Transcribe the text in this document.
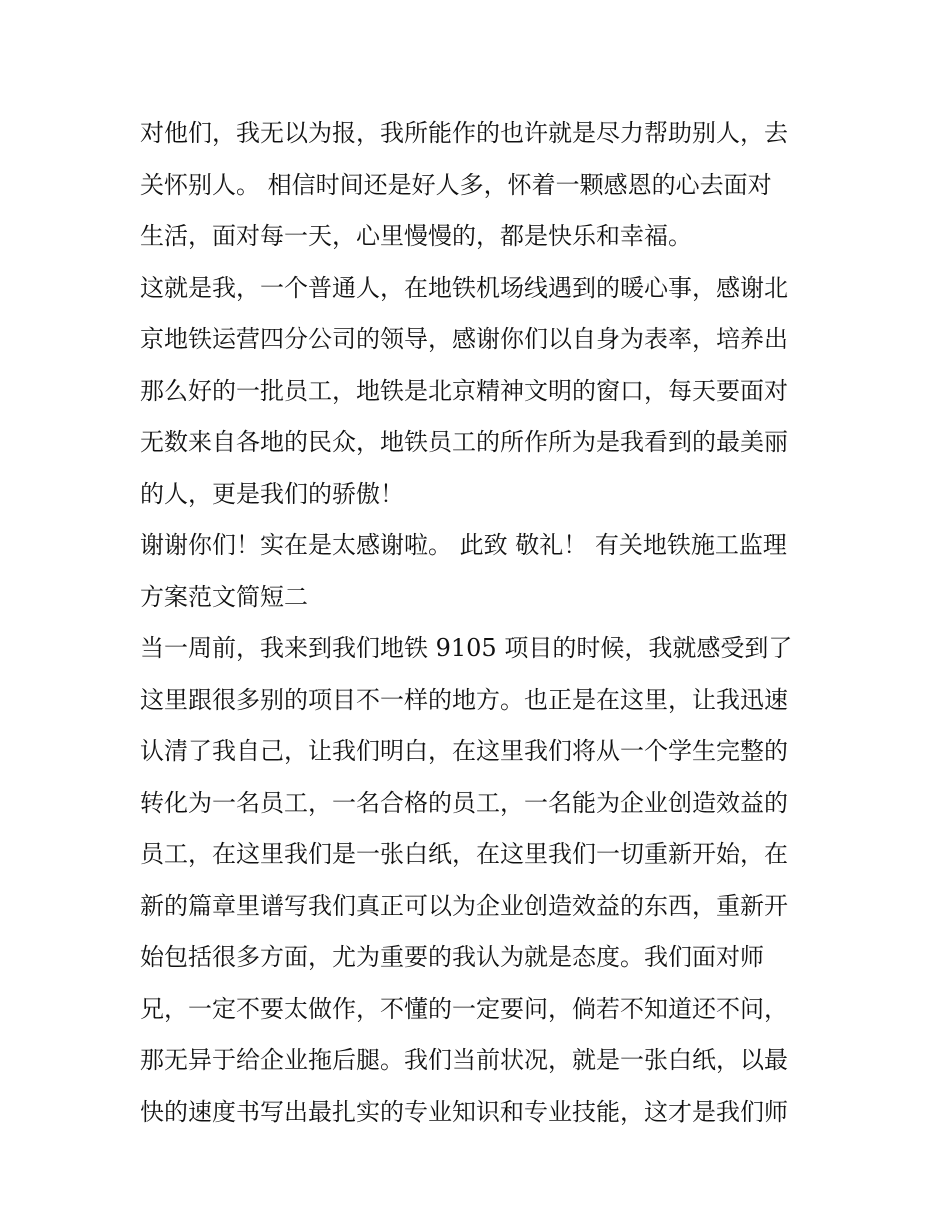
对他们，我无以为报，我所能作的也许就是尽力帮助别人，去
关怀别人。 相信时间还是好人多，怀着一颗感恩的心去面对
生活，面对每一天，心里慢慢的，都是快乐和幸福。
这就是我，一个普通人，在地铁机场线遇到的暖心事，感谢北
京地铁运营四分公司的领导，感谢你们以自身为表率，培养出
那么好的一批员工，地铁是北京精神文明的窗口，每天要面对
无数来自各地的民众，地铁员工的所作所为是我看到的最美丽
的人，更是我们的骄傲！
谢谢你们！实在是太感谢啦。 此致 敬礼！ 有关地铁施工监理
方案范文简短二
当一周前，我来到我们地铁 9105 项目的时候，我就感受到了
这里跟很多别的项目不一样的地方。也正是在这里，让我迅速
认清了我自己，让我们明白，在这里我们将从一个学生完整的
转化为一名员工，一名合格的员工，一名能为企业创造效益的
员工，在这里我们是一张白纸，在这里我们一切重新开始，在
新的篇章里谱写我们真正可以为企业创造效益的东西，重新开
始包括很多方面，尤为重要的我认为就是态度。我们面对师
兄，一定不要太做作，不懂的一定要问，倘若不知道还不问，
那无异于给企业拖后腿。我们当前状况，就是一张白纸，以最
快的速度书写出最扎实的专业知识和专业技能，这才是我们师
